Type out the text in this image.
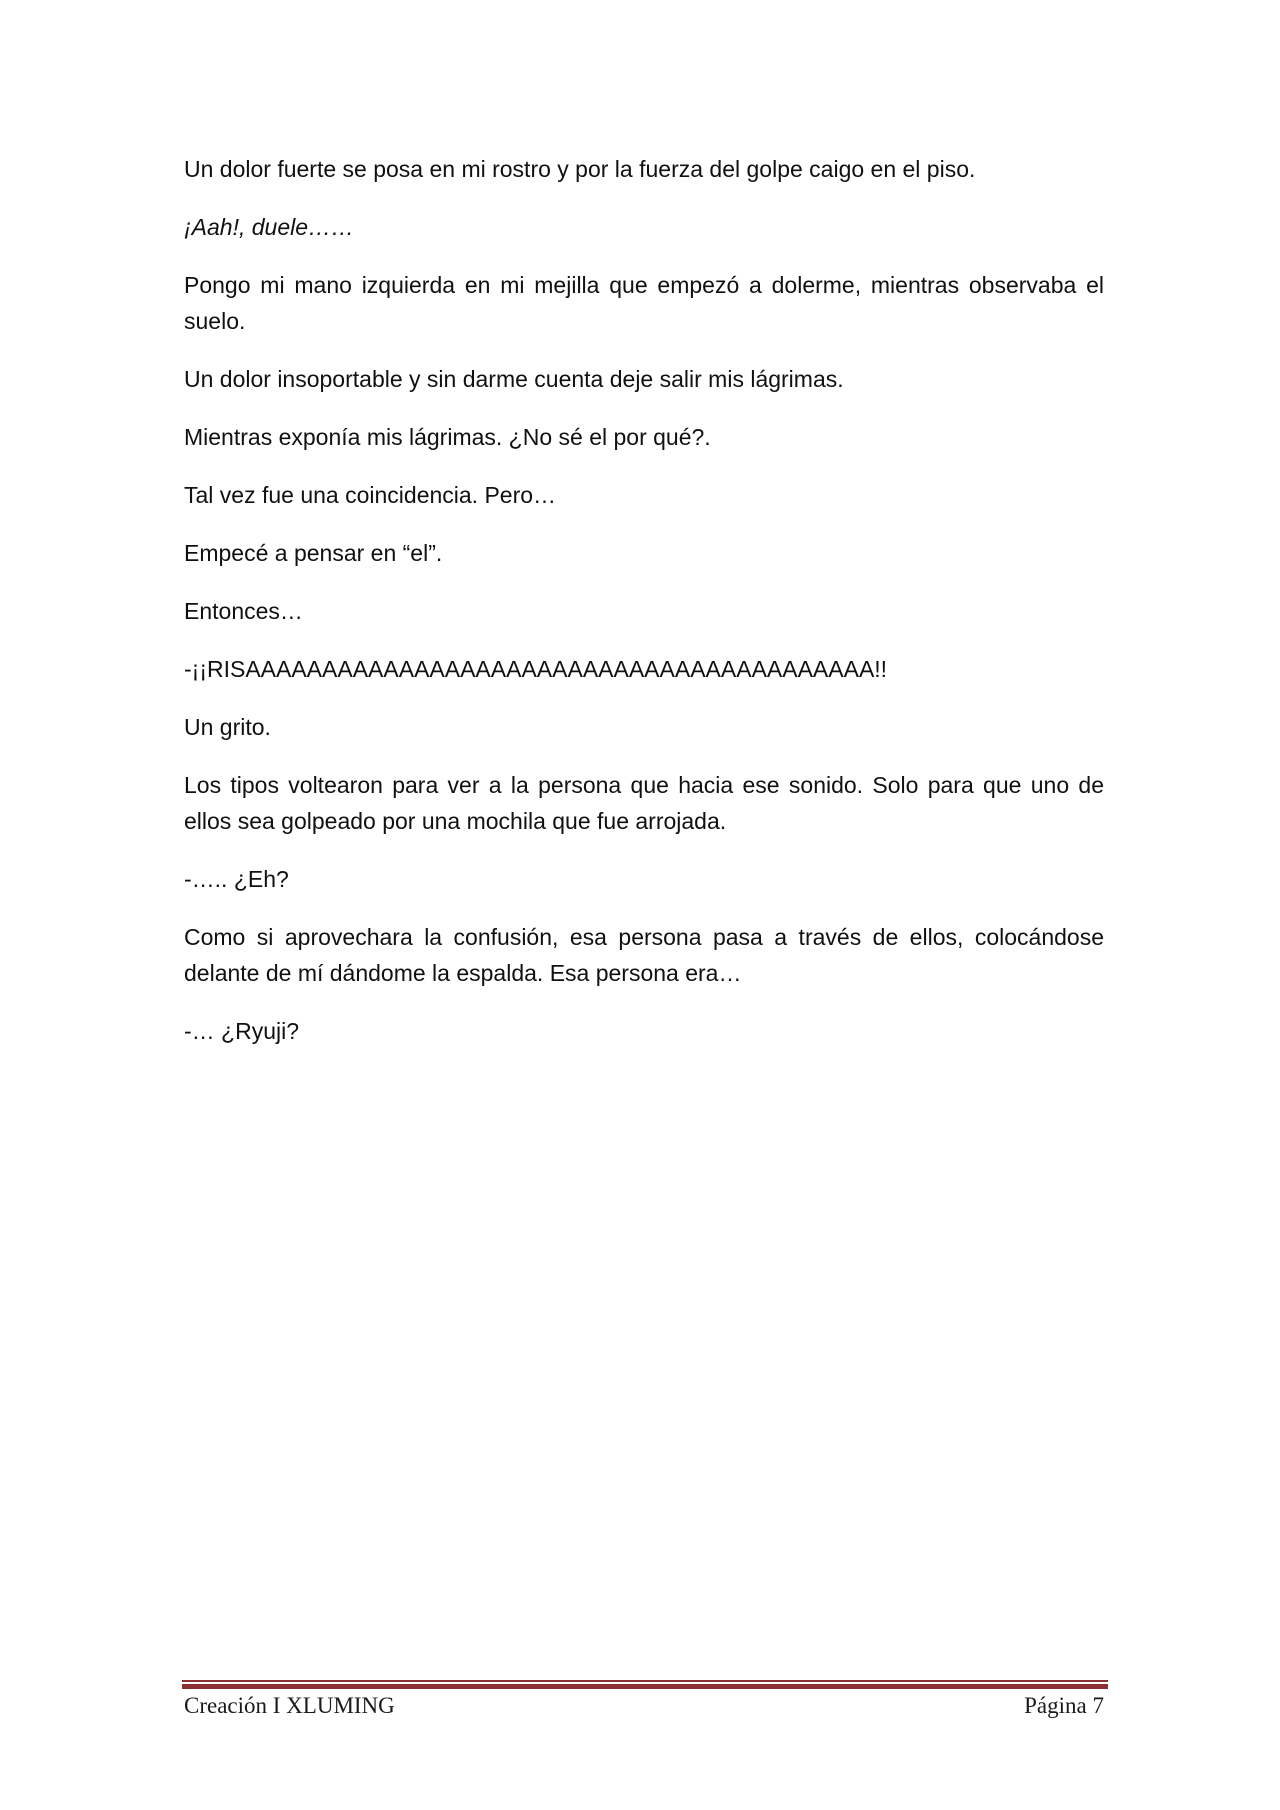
Un dolor fuerte se posa en mi rostro y por la fuerza del golpe caigo en el piso.

¡Aah!, duele……

Pongo mi mano izquierda en mi mejilla que empezó a dolerme, mientras observaba el suelo.

Un dolor insoportable y sin darme cuenta deje salir mis lágrimas.

Mientras exponía mis lágrimas. ¿No sé el por qué?.

Tal vez fue una coincidencia. Pero…

Empecé a pensar en “el”.

Entonces…

-¡¡RISAAAAAAAAAAAAAAAAAAAAAAAAAAAAAAAAAAAAAAAAA!!

Un grito.

Los tipos voltearon para ver a la persona que hacia ese sonido. Solo para que uno de ellos sea golpeado por una mochila que fue arrojada.

-….. ¿Eh?

Como si aprovechara la confusión, esa persona pasa a través de ellos, colocándose delante de mí dándome la espalda. Esa persona era…

-… ¿Ryuji?

Creación I XLUMING	Página 7
